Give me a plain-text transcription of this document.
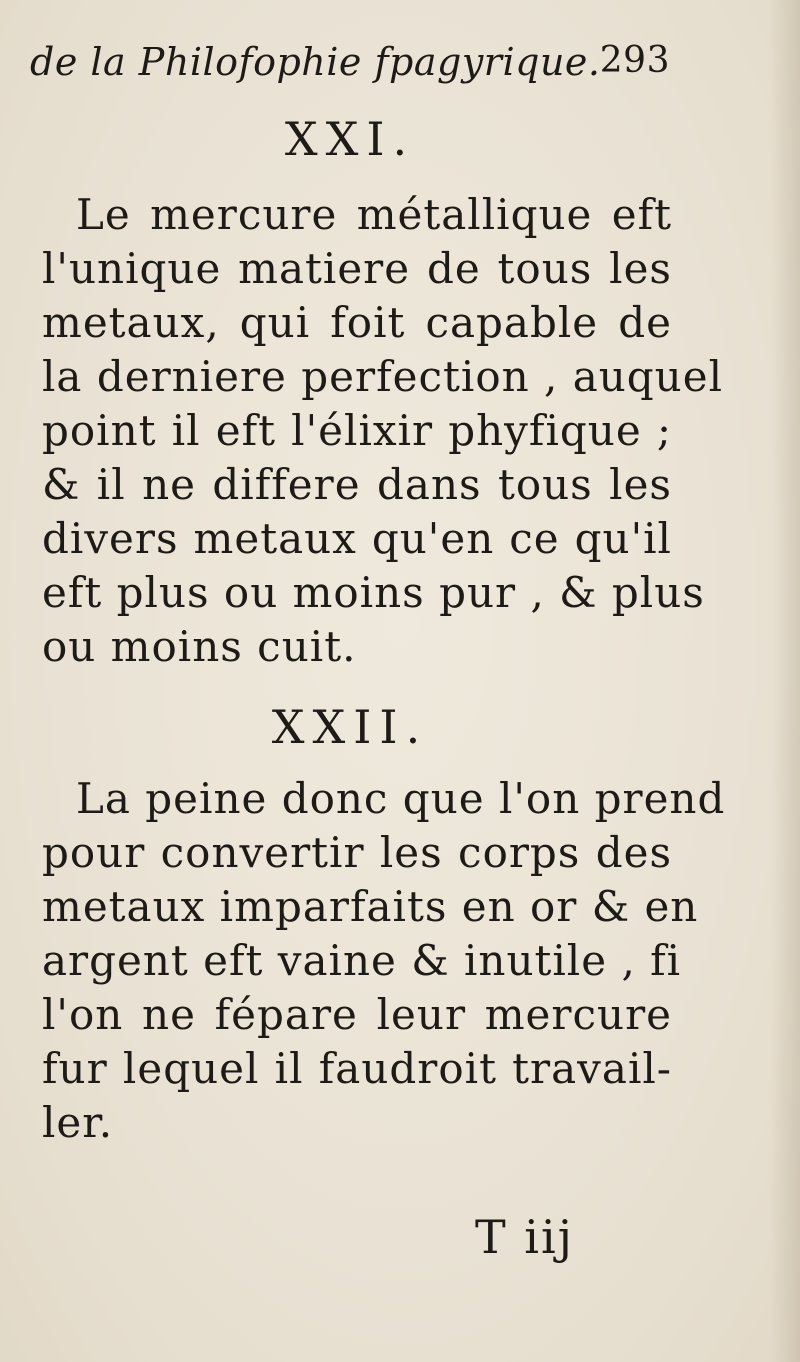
de la Philofophie fpagyrique. 293
XXI.
Le mercure métallique eft
l'unique matiere de tous les
metaux, qui foit capable de
la derniere perfection , auquel
point il eft l'élixir phyfique ;
& il ne differe dans tous les
divers metaux qu'en ce qu'il
eft plus ou moins pur , & plus
ou moins cuit.
XXII.
La peine donc que l'on prend
pour convertir les corps des
metaux imparfaits en or & en
argent eft vaine & inutile , fi
l'on ne fépare leur mercure
fur lequel il faudroit travail-
ler.
T iij
